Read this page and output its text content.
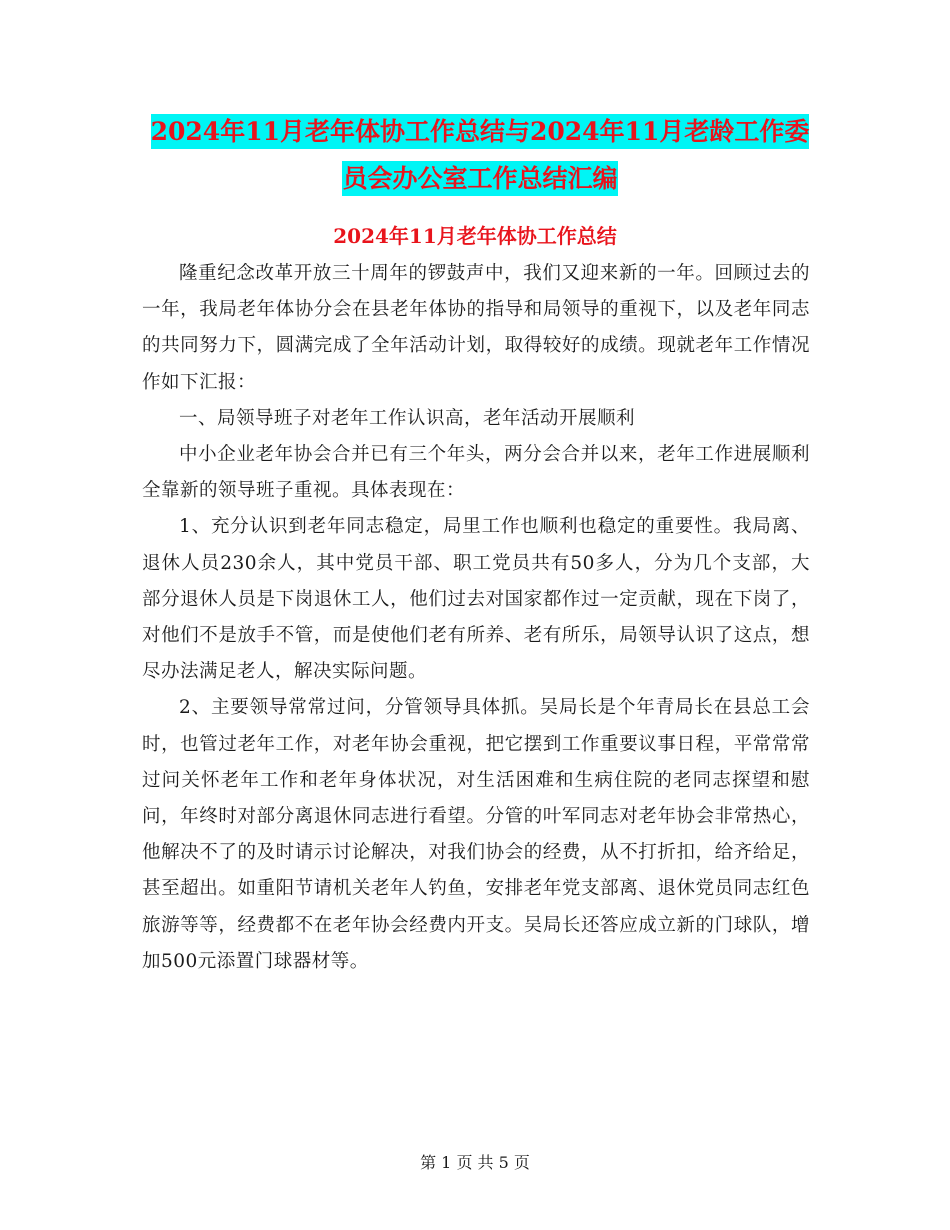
2024年11月老年体协工作总结与2024年11月老龄工作委员会办公室工作总结汇编
2024年11月老年体协工作总结

隆重纪念改革开放三十周年的锣鼓声中，我们又迎来新的一年。回顾过去的一年，我局老年体协分会在县老年体协的指导和局领导的重视下，以及老年同志的共同努力下，圆满完成了全年活动计划，取得较好的成绩。现就老年工作情况作如下汇报：

一、局领导班子对老年工作认识高，老年活动开展顺利

中小企业老年协会合并已有三个年头，两分会合并以来，老年工作进展顺利全靠新的领导班子重视。具体表现在：

1、充分认识到老年同志稳定，局里工作也顺利也稳定的重要性。我局离、退休人员230余人，其中党员干部、职工党员共有50多人，分为几个支部，大部分退休人员是下岗退休工人，他们过去对国家都作过一定贡献，现在下岗了，对他们不是放手不管，而是使他们老有所养、老有所乐，局领导认识了这点，想尽办法满足老人，解决实际问题。

2、主要领导常常过问，分管领导具体抓。吴局长是个年青局长在县总工会时，也管过老年工作，对老年协会重视，把它摆到工作重要议事日程，平常常常过问关怀老年工作和老年身体状况，对生活困难和生病住院的老同志探望和慰问，年终时对部分离退休同志进行看望。分管的叶军同志对老年协会非常热心，他解决不了的及时请示讨论解决，对我们协会的经费，从不打折扣，给齐给足，甚至超出。如重阳节请机关老年人钓鱼，安排老年党支部离、退休党员同志红色旅游等等，经费都不在老年协会经费内开支。吴局长还答应成立新的门球队，增加500元添置门球器材等。

第 1 页 共 5 页
